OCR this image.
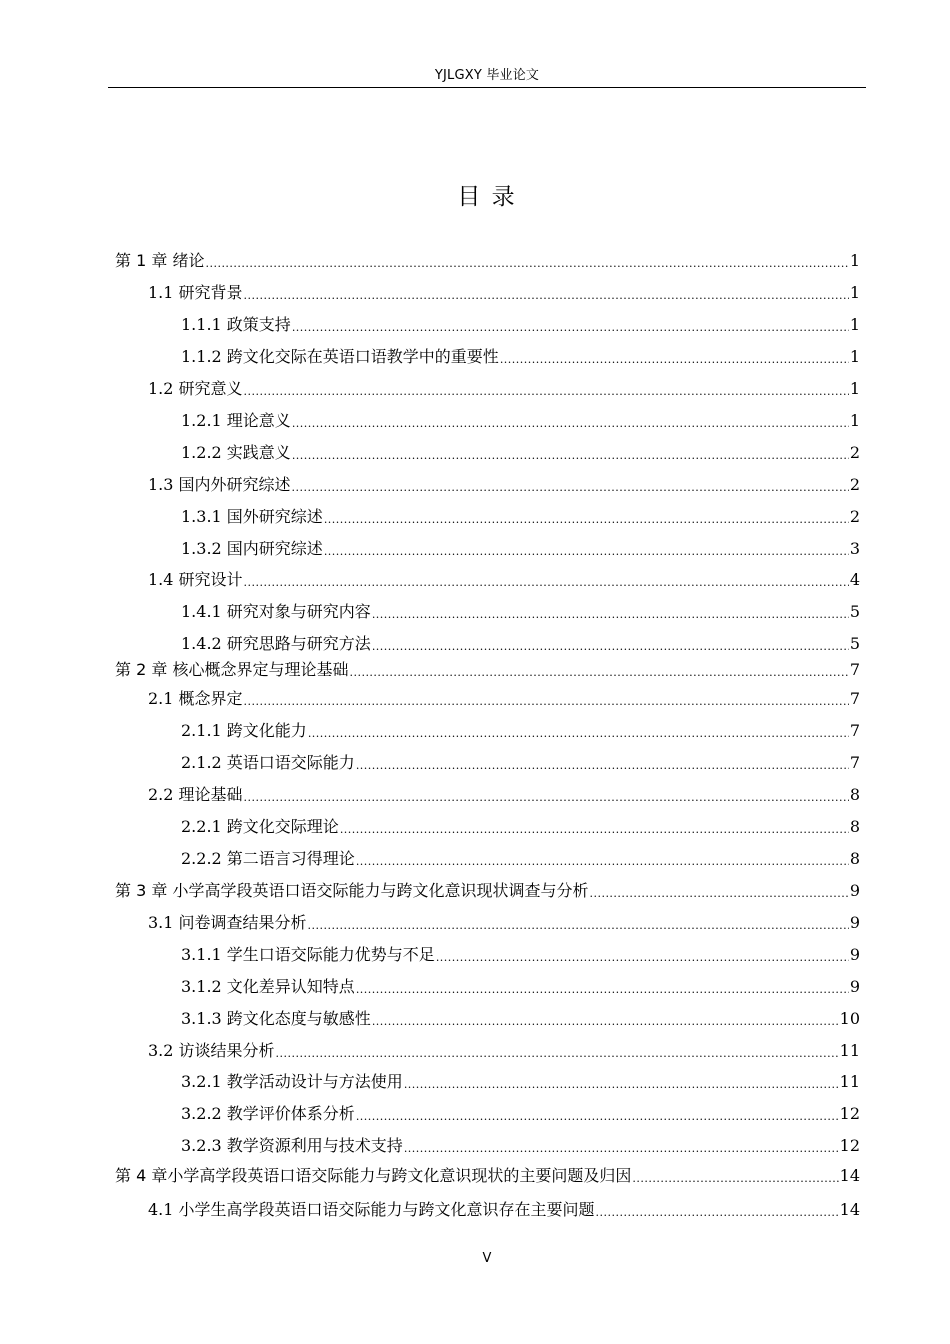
YJLGXY 毕业论文
目 录
第 1 章 绪论 .....	1
1.1 研究背景 .....	1
1.1.1 政策支持 .....	1
1.1.2 跨文化交际在英语口语教学中的重要性 .....	1
1.2 研究意义 .....	1
1.2.1 理论意义 .....	1
1.2.2 实践意义 .....	2
1.3 国内外研究综述 .....	2
1.3.1 国外研究综述 .....	2
1.3.2 国内研究综述 .....	3
1.4 研究设计 .....	4
1.4.1 研究对象与研究内容 .....	5
1.4.2 研究思路与研究方法 .....	5
第 2 章 核心概念界定与理论基础 .....	7
2.1 概念界定 .....	7
2.1.1 跨文化能力 .....	7
2.1.2 英语口语交际能力 .....	7
2.2 理论基础 .....	8
2.2.1 跨文化交际理论 .....	8
2.2.2 第二语言习得理论 .....	8
第 3 章 小学高学段英语口语交际能力与跨文化意识现状调查与分析 .....	9
3.1 问卷调查结果分析 .....	9
3.1.1 学生口语交际能力优势与不足 .....	9
3.1.2 文化差异认知特点 .....	9
3.1.3 跨文化态度与敏感性 .....	10
3.2 访谈结果分析 .....	11
3.2.1 教学活动设计与方法使用 .....	11
3.2.2 教学评价体系分析 .....	12
3.2.3 教学资源利用与技术支持 .....	12
第 4 章小学高学段英语口语交际能力与跨文化意识现状的主要问题及归因 .....	14
4.1 小学生高学段英语口语交际能力与跨文化意识存在主要问题 .....	14
V
